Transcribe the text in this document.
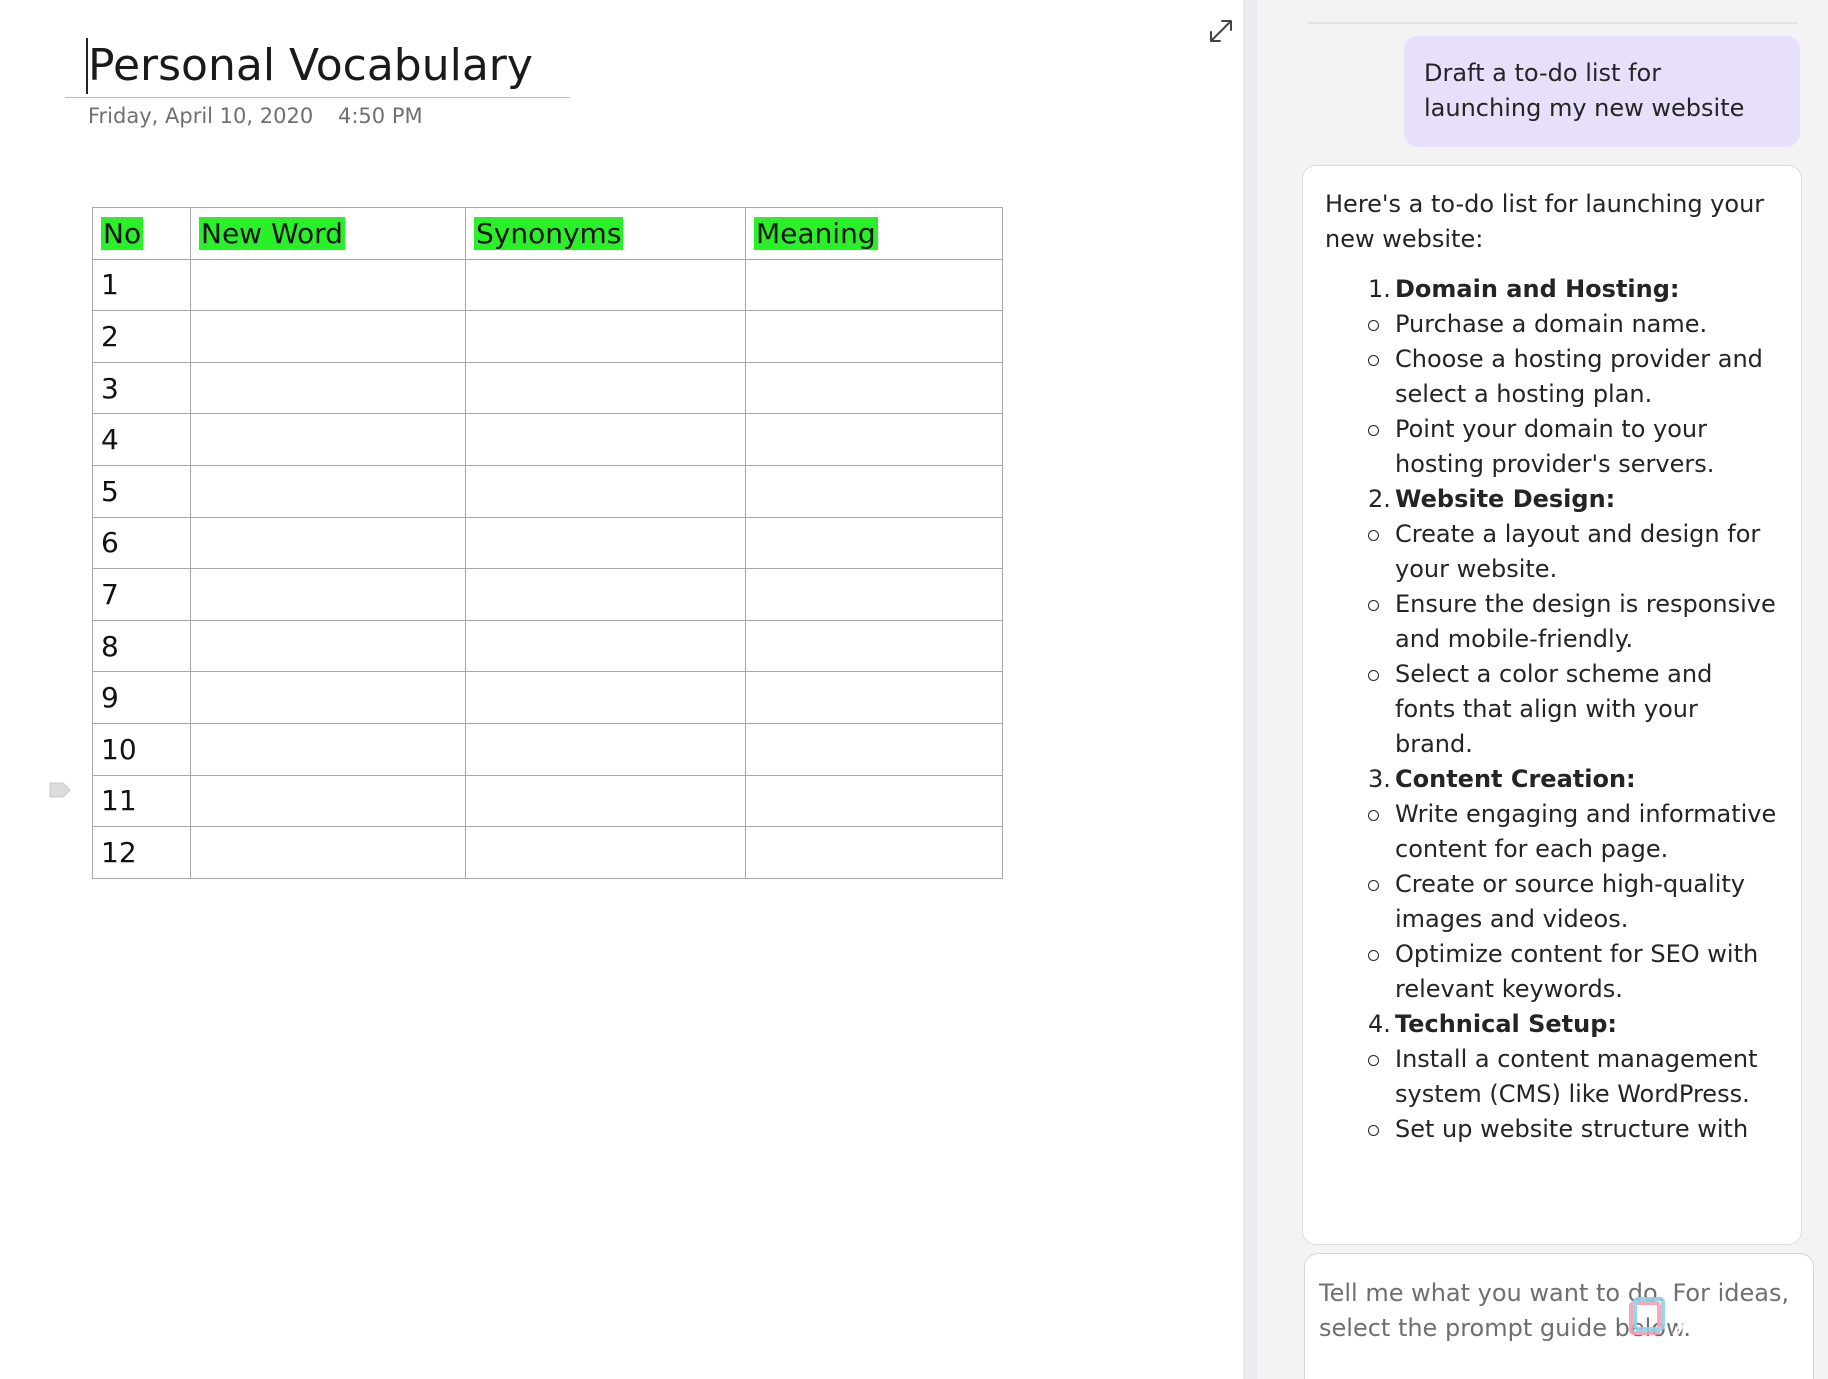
Personal Vocabulary
Friday, April 10, 2020 4:50 PM
No	New Word	Synonyms	Meaning
1			
2			
3			
4			
5			
6			
7			
8			
9			
10			
11			
12			
Draft a to-do list for launching my new website
Here's a to-do list for launching your new website:
1. Domain and Hosting:
Purchase a domain name.
Choose a hosting provider and select a hosting plan.
Point your domain to your hosting provider's servers.
2. Website Design:
Create a layout and design for your website.
Ensure the design is responsive and mobile-friendly.
Select a color scheme and fonts that align with your brand.
3. Content Creation:
Write engaging and informative content for each page.
Create or source high-quality images and videos.
Optimize content for SEO with relevant keywords.
4. Technical Setup:
Install a content management system (CMS) like WordPress.
Set up website structure with
Tell me what you want to do. For ideas, select the prompt guide below.
XDA
